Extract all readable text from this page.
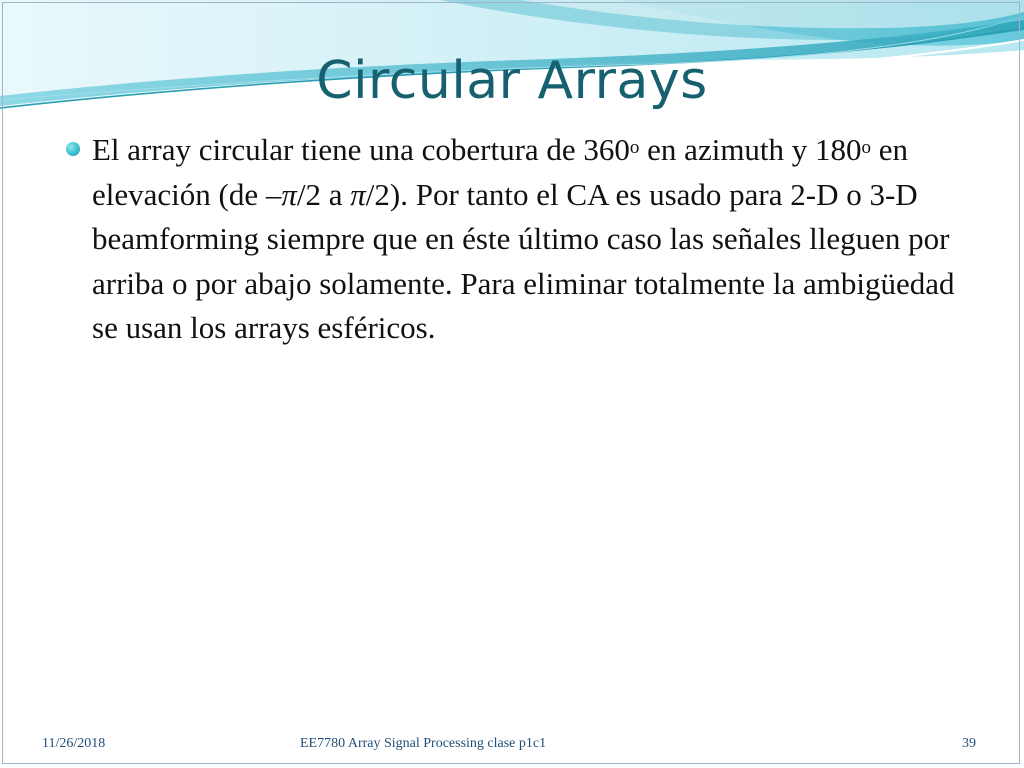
Circular Arrays
El array circular tiene una cobertura de 360$^o$ en azimuth y 180$^o$ en elevación (de –π/2 a π/2). Por tanto el CA es usado para 2-D o 3-D beamforming siempre que en éste último caso las señales lleguen por arriba o por abajo solamente. Para eliminar totalmente la ambigüedad se usan los arrays esféricos.
11/26/2018	EE7780 Array Signal Processing clase p1c1	39
